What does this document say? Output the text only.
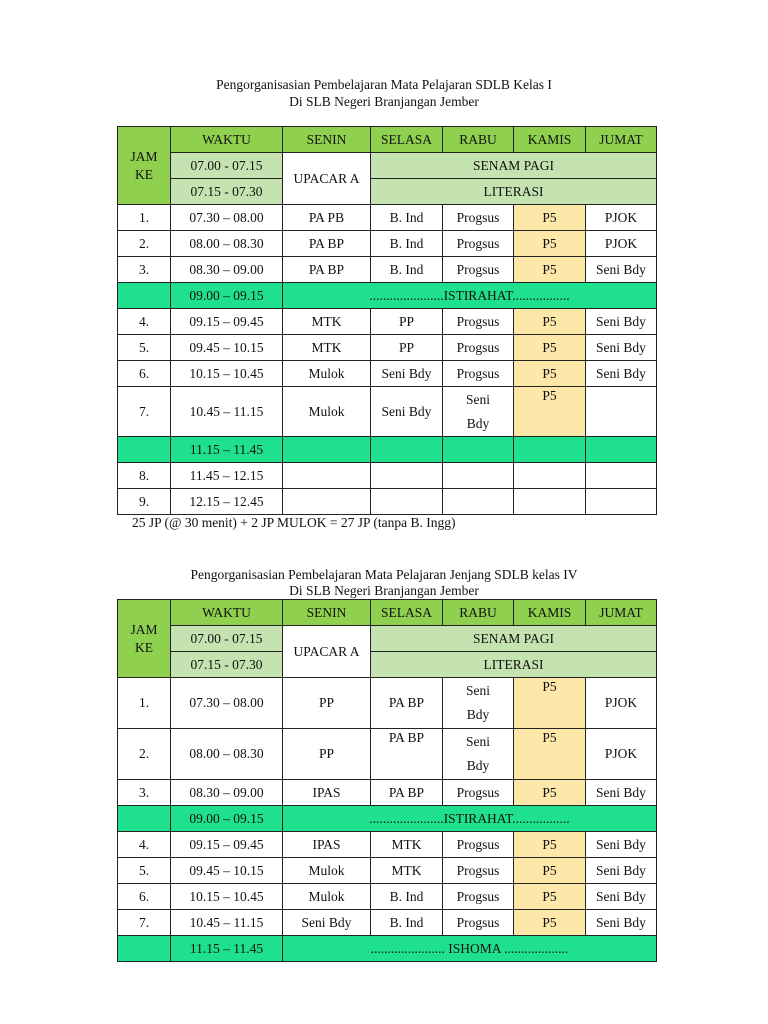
Pengorganisasian Pembelajaran Mata Pelajaran SDLB Kelas I
Di SLB Negeri Branjangan Jember
JAM KE	WAKTU	SENIN	SELASA	RABU	KAMIS	JUMAT
	07.00 - 07.15	UPACAR A	SENAM PAGI			
	07.15 - 07.30		LITERASI			
1.	07.30 – 08.00	PA PB	B. Ind	Progsus	P5	PJOK
2.	08.00 – 08.30	PA BP	B. Ind	Progsus	P5	PJOK
3.	08.30 – 09.00	PA BP	B. Ind	Progsus	P5	Seni Bdy
	09.00 – 09.15	......................ISTIRAHAT.................				
4.	09.15 – 09.45	MTK	PP	Progsus	P5	Seni Bdy
5.	09.45 – 10.15	MTK	PP	Progsus	P5	Seni Bdy
6.	10.15 – 10.45	Mulok	Seni Bdy	Progsus	P5	Seni Bdy
7.	10.45 – 11.15	Mulok	Seni Bdy	Seni Bdy	P5	
	11.15 – 11.45					
8.	11.45 – 12.15					
9.	12.15 – 12.45					
25 JP (@ 30 menit) + 2 JP MULOK = 27 JP (tanpa B. Ingg)
Pengorganisasian Pembelajaran Mata Pelajaran Jenjang SDLB kelas IV
Di SLB Negeri Branjangan Jember
JAM KE	WAKTU	SENIN	SELASA	RABU	KAMIS	JUMAT
	07.00 - 07.15	UPACAR A	SENAM PAGI			
	07.15 - 07.30		LITERASI			
1.	07.30 – 08.00	PP	PA BP	Seni Bdy	P5	PJOK
2.	08.00 – 08.30	PP	PA BP	Seni Bdy	P5	PJOK
3.	08.30 – 09.00	IPAS	PA BP	Progsus	P5	Seni Bdy
	09.00 – 09.15	......................ISTIRAHAT.................				
4.	09.15 – 09.45	IPAS	MTK	Progsus	P5	Seni Bdy
5.	09.45 – 10.15	Mulok	MTK	Progsus	P5	Seni Bdy
6.	10.15 – 10.45	Mulok	B. Ind	Progsus	P5	Seni Bdy
7.	10.45 – 11.15	Seni Bdy	B. Ind	Progsus	P5	Seni Bdy
	11.15 – 11.45	...................... ISHOMA ...................				
